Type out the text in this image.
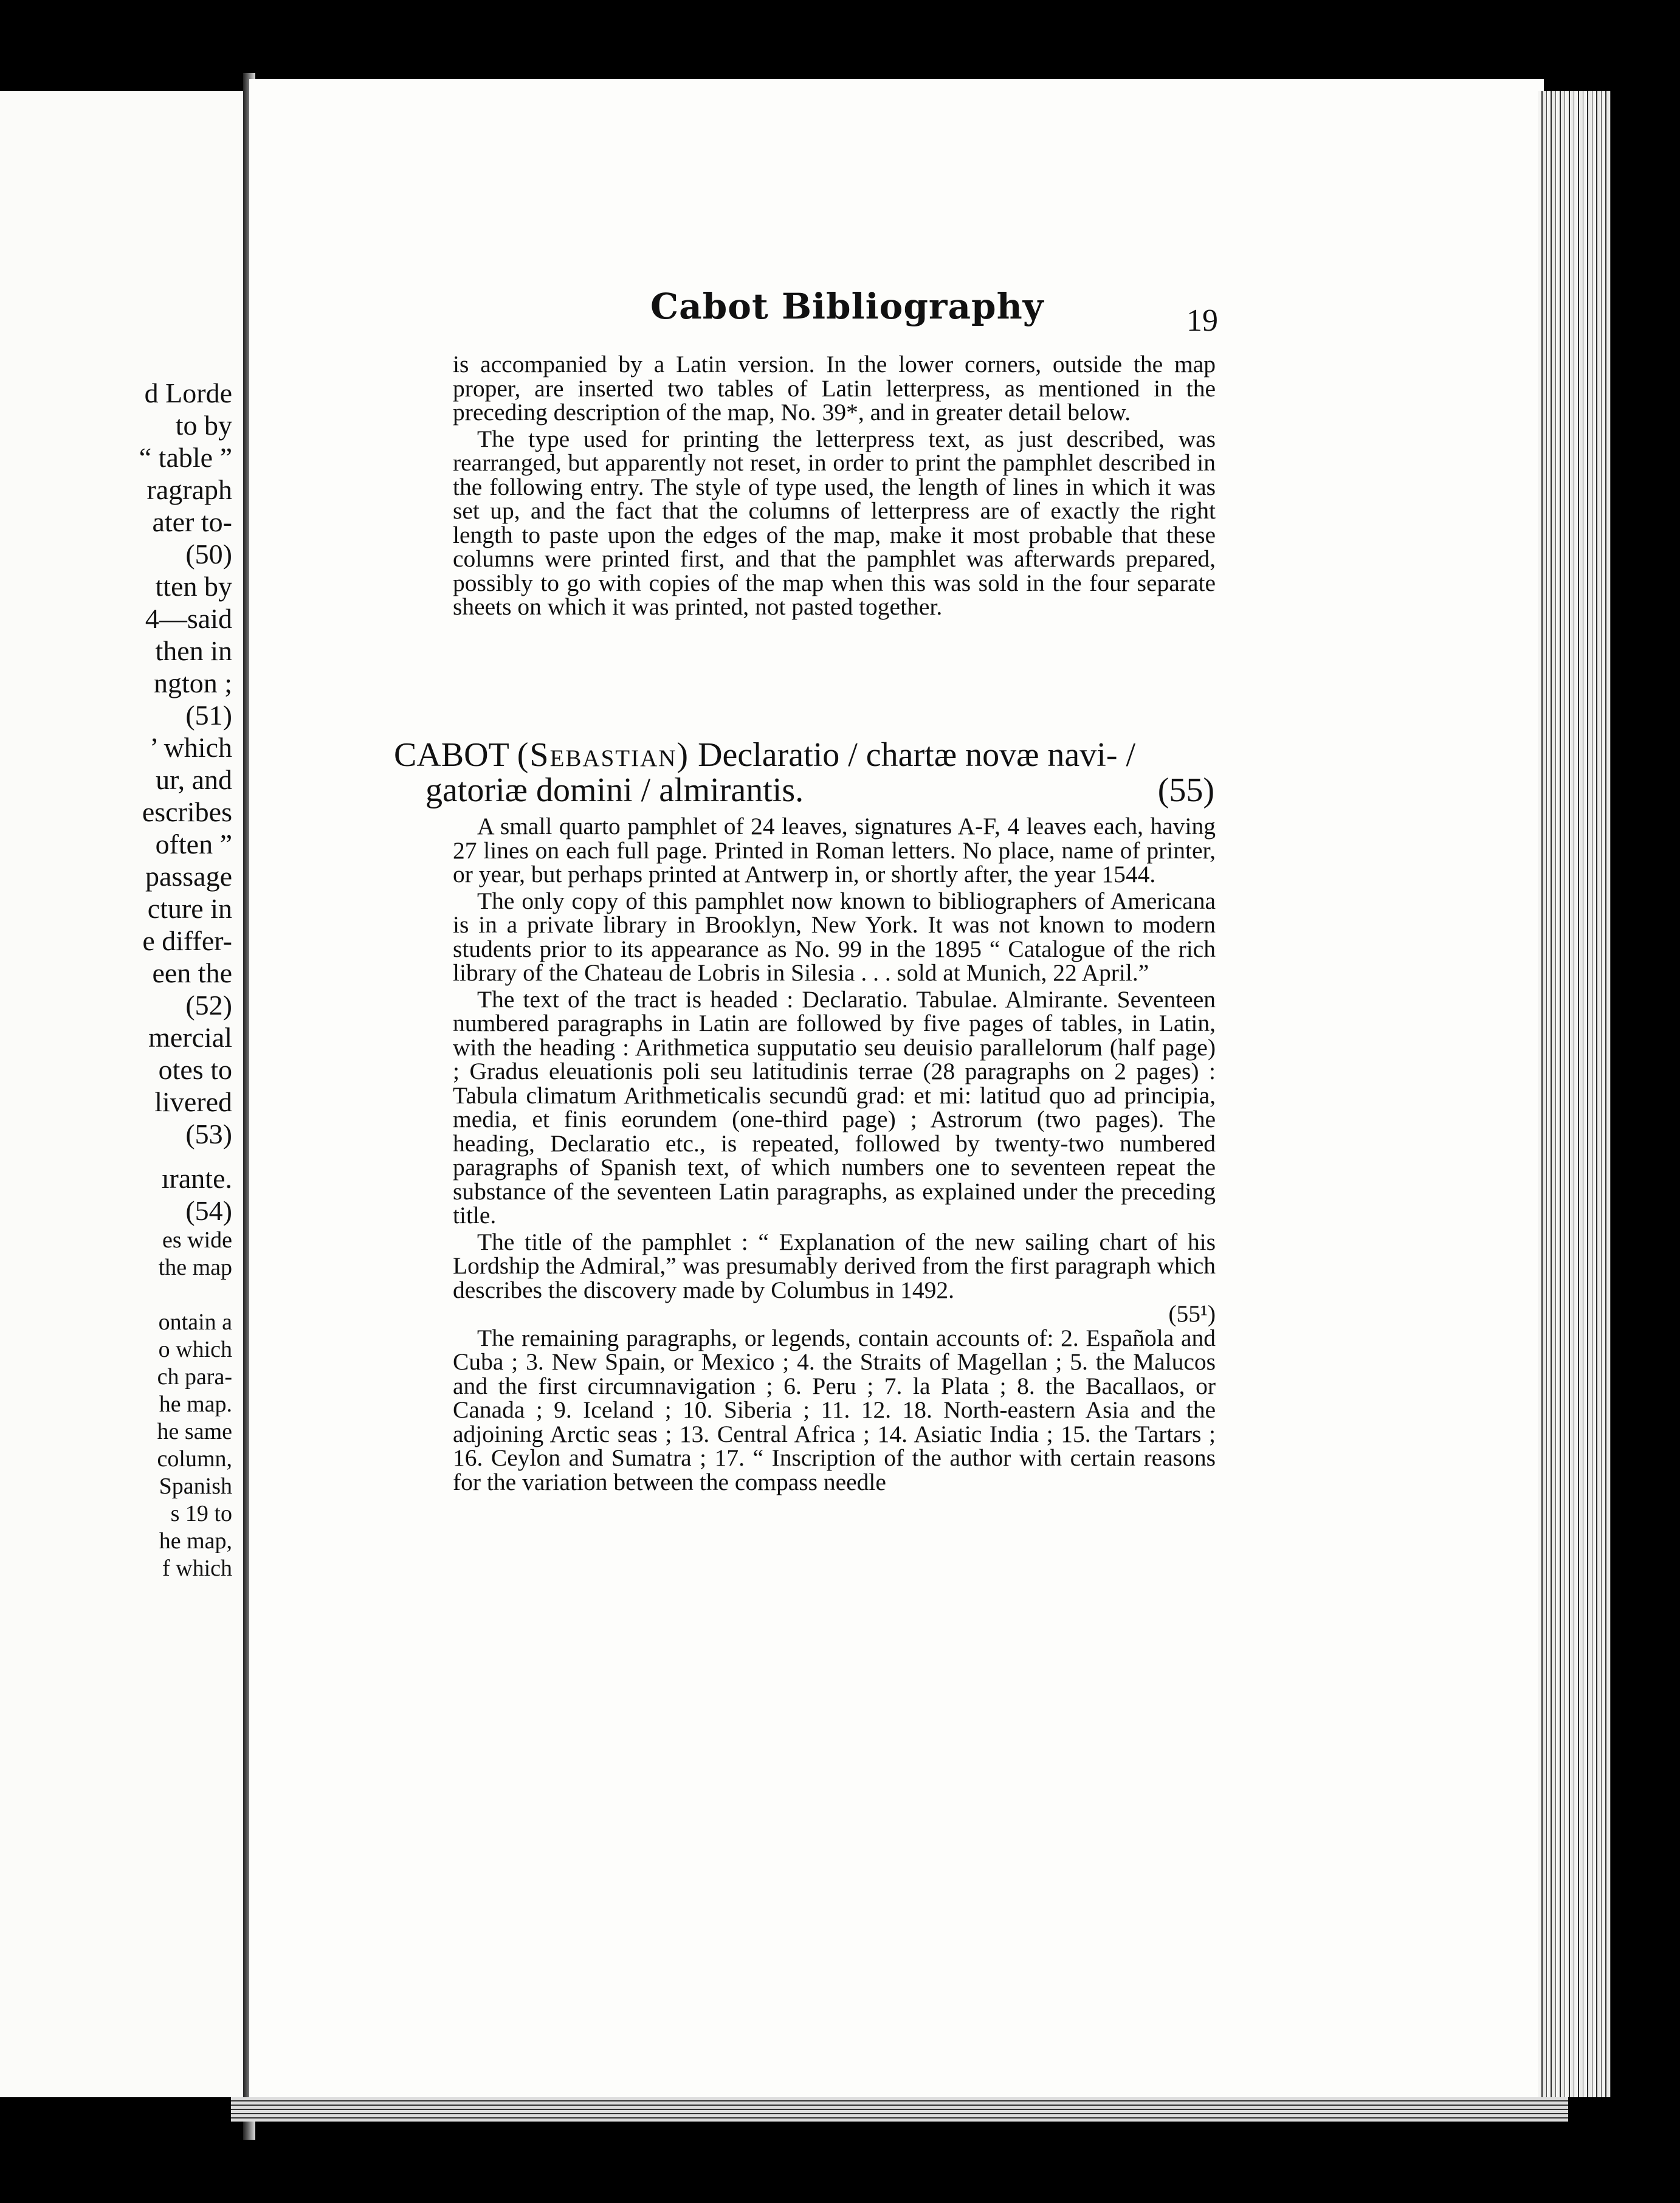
d Lorde
to by
“ table ”
ragraph
ater to-
(50)
tten by
4—said
then in
ngton ;
(51)
’ which
ur, and
escribes
often ”
passage
cture in
e differ-
een the
(52)
mercial
otes to
livered
(53)
ırante.
(54)
es wide
the map
ontain a
o which
ch para-
he map.
he same
column,
Spanish
s 19 to
he map,
f which
Cabot Bibliography	19

is accompanied by a Latin version. In the lower corners, outside the map proper, are inserted two tables of Latin letterpress, as mentioned in the preceding description of the map, No. 39*, and in greater detail below.

The type used for printing the letterpress text, as just described, was rearranged, but apparently not reset, in order to print the pamphlet described in the following entry. The style of type used, the length of lines in which it was set up, and the fact that the columns of letterpress are of exactly the right length to paste upon the edges of the map, make it most probable that these columns were printed first, and that the pamphlet was afterwards prepared, possibly to go with copies of the map when this was sold in the four separate sheets on which it was printed, not pasted together.

CABOT (Sebastian) Declaratio / chartæ novæ navi- /
gatoriæ domini / almirantis.	(55)

A small quarto pamphlet of 24 leaves, signatures A-F, 4 leaves each, having 27 lines on each full page. Printed in Roman letters. No place, name of printer, or year, but perhaps printed at Antwerp in, or shortly after, the year 1544.

The only copy of this pamphlet now known to bibliographers of Americana is in a private library in Brooklyn, New York. It was not known to modern students prior to its appearance as No. 99 in the 1895 “ Catalogue of the rich library of the Chateau de Lobris in Silesia . . . sold at Munich, 22 April.”

The text of the tract is headed : Declaratio. Tabulae. Almirante. Seventeen numbered paragraphs in Latin are followed by five pages of tables, in Latin, with the heading : Arithmetica supputatio seu deuisio parallelorum (half page) ; Gradus eleuationis poli seu latitudinis terrae (28 paragraphs on 2 pages) : Tabula climatum Arithmeticalis secundũ grad: et mi: latitud quo ad principia, media, et finis eorundem (one-third page) ; Astrorum (two pages). The heading, Declaratio etc., is repeated, followed by twenty-two numbered paragraphs of Spanish text, of which numbers one to seventeen repeat the substance of the seventeen Latin paragraphs, as explained under the preceding title.

The title of the pamphlet : “ Explanation of the new sailing chart of his Lordship the Admiral,” was presumably derived from the first paragraph which describes the discovery made by Columbus in 1492.

(55¹)

The remaining paragraphs, or legends, contain accounts of: 2. Española and Cuba ; 3. New Spain, or Mexico ; 4. the Straits of Magellan ; 5. the Malucos and the first circumnavigation ; 6. Peru ; 7. la Plata ; 8. the Bacallaos, or Canada ; 9. Iceland ; 10. Siberia ; 11. 12. 18. North-eastern Asia and the adjoining Arctic seas ; 13. Central Africa ; 14. Asiatic India ; 15. the Tartars ; 16. Ceylon and Sumatra ; 17. “ Inscription of the author with certain reasons for the variation between the compass needle
